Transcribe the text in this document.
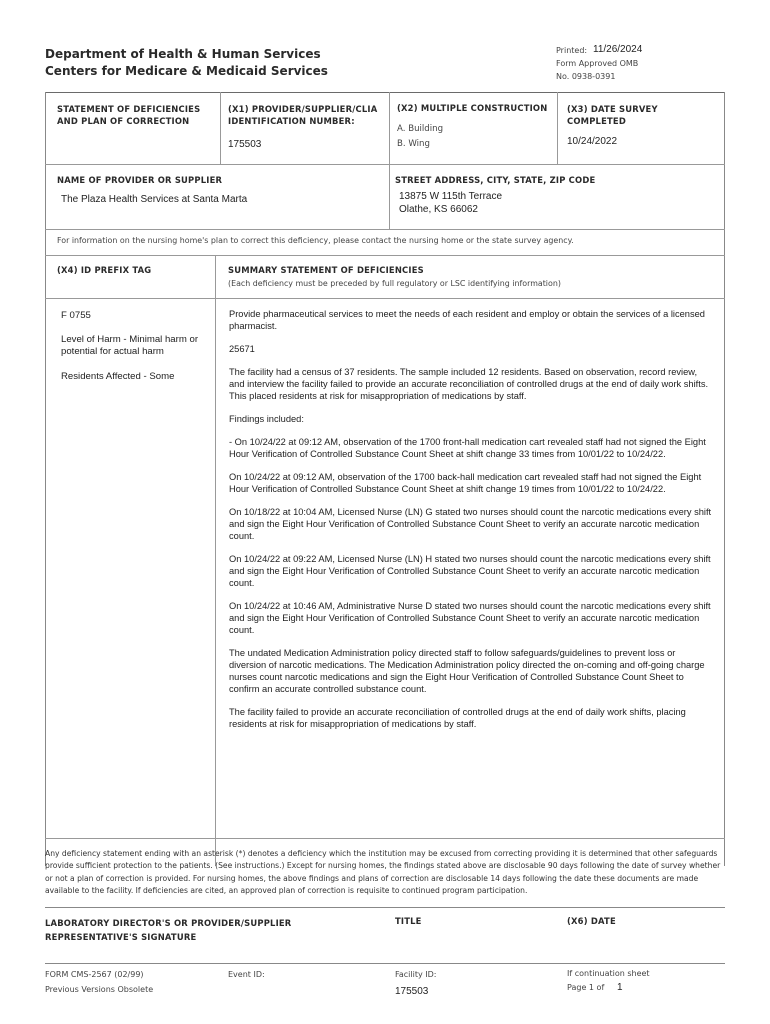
Department of Health & Human Services
Centers for Medicare & Medicaid Services
Printed: 11/26/2024
Form Approved OMB
No. 0938-0391
STATEMENT OF DEFICIENCIES AND PLAN OF CORRECTION
(X1) PROVIDER/SUPPLIER/CLIA IDENTIFICATION NUMBER:
175503
(X2) MULTIPLE CONSTRUCTION
A. Building
B. Wing
(X3) DATE SURVEY COMPLETED
10/24/2022
NAME OF PROVIDER OR SUPPLIER
The Plaza Health Services at Santa Marta
STREET ADDRESS, CITY, STATE, ZIP CODE
13875 W 115th Terrace
Olathe, KS 66062
For information on the nursing home's plan to correct this deficiency, please contact the nursing home or the state survey agency.
(X4) ID PREFIX TAG	SUMMARY STATEMENT OF DEFICIENCIES
(Each deficiency must be preceded by full regulatory or LSC identifying information)
F 0755
Level of Harm - Minimal harm or potential for actual harm
Residents Affected - Some

Provide pharmaceutical services to meet the needs of each resident and employ or obtain the services of a licensed pharmacist.

25671

The facility had a census of 37 residents. The sample included 12 residents. Based on observation, record review, and interview the facility failed to provide an accurate reconciliation of controlled drugs at the end of daily work shifts. This placed residents at risk for misappropriation of medications by staff.

Findings included:

- On 10/24/22 at 09:12 AM, observation of the 1700 front-hall medication cart revealed staff had not signed the Eight Hour Verification of Controlled Substance Count Sheet at shift change 33 times from 10/01/22 to 10/24/22.

On 10/24/22 at 09:12 AM, observation of the 1700 back-hall medication cart revealed staff had not signed the Eight Hour Verification of Controlled Substance Count Sheet at shift change 19 times from 10/01/22 to 10/24/22.

On 10/18/22 at 10:04 AM, Licensed Nurse (LN) G stated two nurses should count the narcotic medications every shift and sign the Eight Hour Verification of Controlled Substance Count Sheet to verify an accurate narcotic medication count.

On 10/24/22 at 09:22 AM, Licensed Nurse (LN) H stated two nurses should count the narcotic medications every shift and sign the Eight Hour Verification of Controlled Substance Count Sheet to verify an accurate narcotic medication count.

On 10/24/22 at 10:46 AM, Administrative Nurse D stated two nurses should count the narcotic medications every shift and sign the Eight Hour Verification of Controlled Substance Count Sheet to verify an accurate narcotic medication count.

The undated Medication Administration policy directed staff to follow safeguards/guidelines to prevent loss or diversion of narcotic medications. The Medication Administration policy directed the on-coming and off-going charge nurses count narcotic medications and sign the Eight Hour Verification of Controlled Substance Count Sheet to confirm an accurate controlled substance count.

The facility failed to provide an accurate reconciliation of controlled drugs at the end of daily work shifts, placing residents at risk for misappropriation of medications by staff.

Any deficiency statement ending with an asterisk (*) denotes a deficiency which the institution may be excused from correcting providing it is determined that other safeguards provide sufficient protection to the patients. (See instructions.) Except for nursing homes, the findings stated above are disclosable 90 days following the date of survey whether or not a plan of correction is provided. For nursing homes, the above findings and plans of correction are disclosable 14 days following the date these documents are made available to the facility. If deficiencies are cited, an approved plan of correction is requisite to continued program participation.
LABORATORY DIRECTOR'S OR PROVIDER/SUPPLIER REPRESENTATIVE'S SIGNATURE
TITLE	(X6) DATE
FORM CMS-2567 (02/99)
Previous Versions Obsolete
Event ID:	Facility ID:
175503
If continuation sheet
Page 1 of 1
